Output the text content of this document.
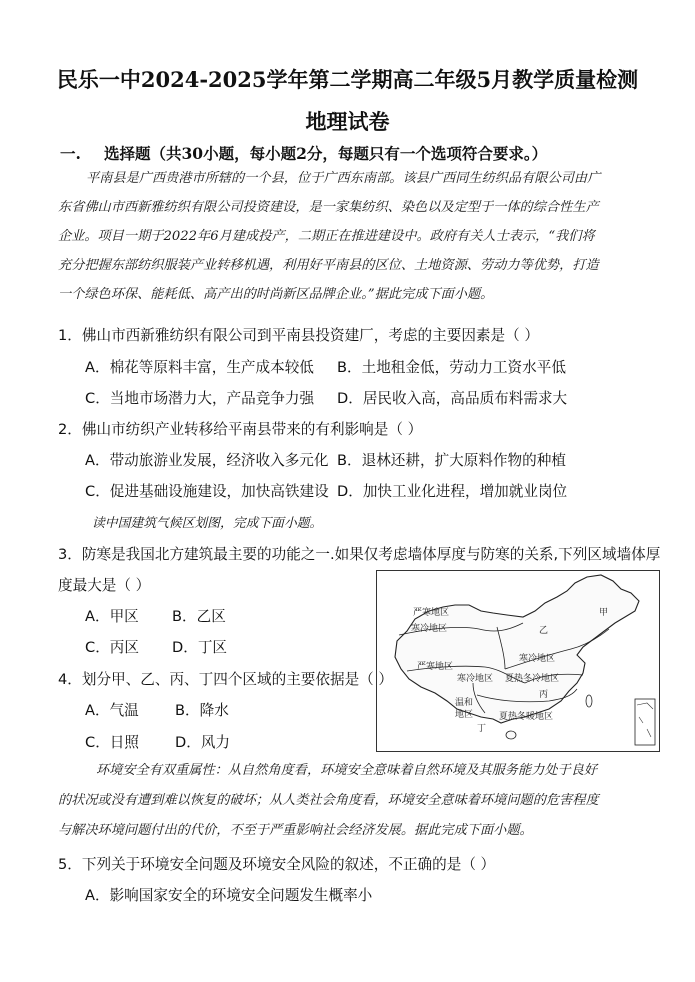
民乐一中2024-2025学年第二学期高二年级5月教学质量检测
地理试卷
一. 选择题（共30小题，每小题2分，每题只有一个选项符合要求。）

平南县是广西贵港市所辖的一个县，位于广西东南部。该县广西同生纺织品有限公司由广

东省佛山市西新雅纺织有限公司投资建设，是一家集纺织、染色以及定型于一体的综合性生产

企业。项目一期于2022年6月建成投产，二期正在推进建设中。政府有关人士表示，“我们将

充分把握东部纺织服装产业转移机遇，利用好平南县的区位、土地资源、劳动力等优势，打造

一个绿色环保、能耗低、高产出的时尚新区品牌企业。”据此完成下面小题。

1．佛山市西新雅纺织有限公司到平南县投资建厂，考虑的主要因素是（ ）
A．棉花等原料丰富，生产成本较低 B．土地租金低，劳动力工资水平低
C．当地市场潜力大，产品竞争力强 D．居民收入高，高品质布料需求大
2．佛山市纺织产业转移给平南县带来的有利影响是（ ）
A．带动旅游业发展，经济收入多元化 B．退林还耕，扩大原料作物的种植
C．促进基础设施建设，加快高铁建设 D．加快工业化进程，增加就业岗位
读中国建筑气候区划图，完成下面小题。
3．防寒是我国北方建筑最主要的功能之一.如果仅考虑墙体厚度与防寒的关系,下列区域墙体厚
度最大是（ ）
A．甲区 B．乙区
C．丙区 D．丁区
4．划分甲、乙、丙、丁四个区域的主要依据是（ ）
A．气温 B．降水
C．日照 D．风力
严寒地区
寒冷地区
甲
乙
严寒地区
寒冷地区
寒冷地区 夏热冬冷地区
丙
温和
地区	夏热冬暖地区
丁

环境安全有双重属性：从自然角度看，环境安全意味着自然环境及其服务能力处于良好

的状况或没有遭到难以恢复的破坏；从人类社会角度看，环境安全意味着环境问题的危害程度

与解决环境问题付出的代价，不至于严重影响社会经济发展。据此完成下面小题。

5．下列关于环境安全问题及环境安全风险的叙述，不正确的是（ ）
A．影响国家安全的环境安全问题发生概率小
